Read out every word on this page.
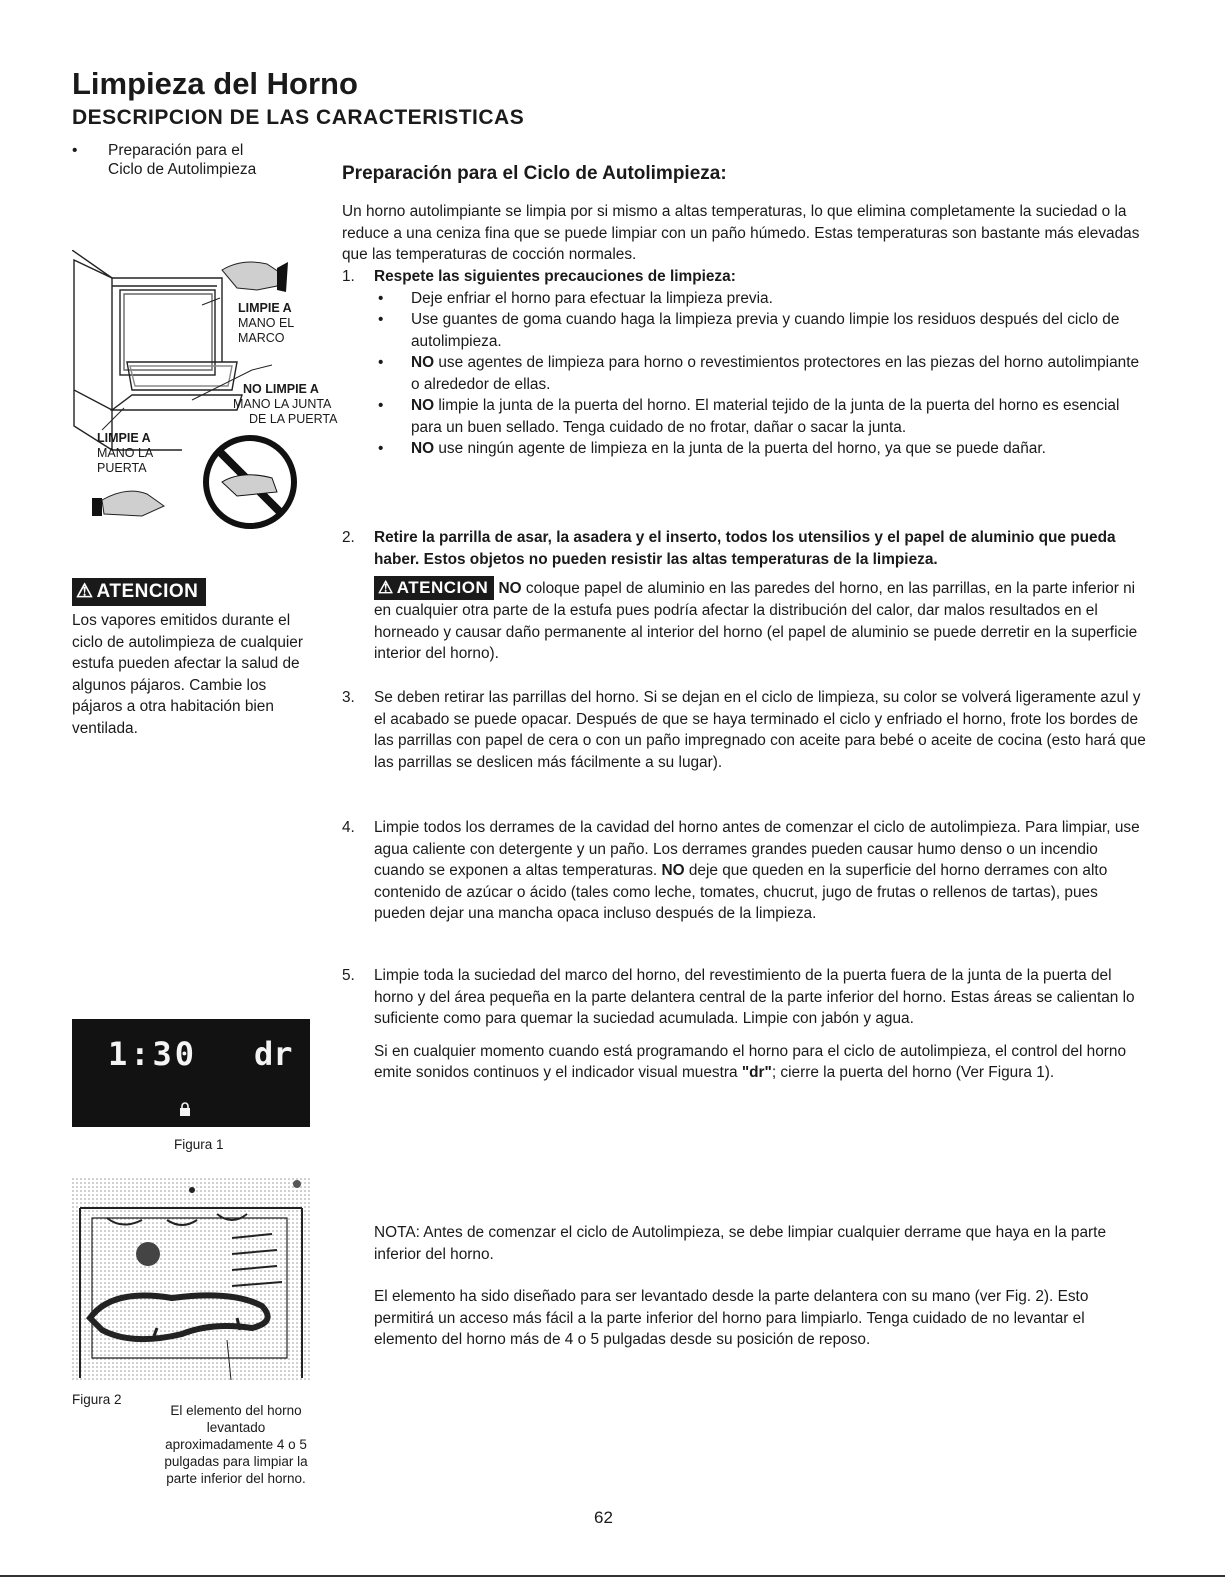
Limpieza del Horno
DESCRIPCION DE LAS CARACTERISTICAS
• Preparación para el
Ciclo de Autolimpieza
LIMPIE A
MANO EL
MARCO
NO LIMPIE A
MANO LA JUNTA
DE LA PUERTA
LIMPIE A
MANO LA
PUERTA
⚠ ATENCION

Los vapores emitidos durante el ciclo de autolimpieza de cualquier estufa pueden afectar la salud de algunos pájaros. Cambie los pájaros a otra habitación bien ventilada.

1:30 dr
Figura 1
Figura 2
El elemento del horno
levantado
aproximadamente 4 o 5
pulgadas para limpiar la
parte inferior del horno.
Preparación para el Ciclo de Autolimpieza:

Un horno autolimpiante se limpia por si mismo a altas temperaturas, lo que elimina completamente la suciedad o la reduce a una ceniza fina que se puede limpiar con un paño húmedo. Estas temperaturas son bastante más elevadas que las temperaturas de cocción normales.

1.	Respete las siguientes precauciones de limpieza:

• Deje enfriar el horno para efectuar la limpieza previa.
• Use guantes de goma cuando haga la limpieza previa y cuando limpie los residuos después del ciclo de autolimpieza.
• NO use agentes de limpieza para horno o revestimientos protectores en las piezas del horno autolimpiante o alrededor de ellas.
• NO limpie la junta de la puerta del horno. El material tejido de la junta de la puerta del horno es esencial para un buen sellado. Tenga cuidado de no frotar, dañar o sacar la junta.
• NO use ningún agente de limpieza en la junta de la puerta del horno, ya que se puede dañar.
2.	Retire la parrilla de asar, la asadera y el inserto, todos los utensilios y el papel de aluminio que pueda haber. Estos objetos no pueden resistir las altas temperaturas de la limpieza.

⚠ ATENCION NO coloque papel de aluminio en las paredes del horno, en las parrillas, en la parte inferior ni en cualquier otra parte de la estufa pues podría afectar la distribución del calor, dar malos resultados en el horneado y causar daño permanente al interior del horno (el papel de aluminio se puede derretir en la superficie interior del horno).

3.	Se deben retirar las parrillas del horno. Si se dejan en el ciclo de limpieza, su color se volverá ligeramente azul y el acabado se puede opacar. Después de que se haya terminado el ciclo y enfriado el horno, frote los bordes de las parrillas con papel de cera o con un paño impregnado con aceite para bebé o aceite de cocina (esto hará que las parrillas se deslicen más fácilmente a su lugar).

4.	Limpie todos los derrames de la cavidad del horno antes de comenzar el ciclo de autolimpieza. Para limpiar, use agua caliente con detergente y un paño. Los derrames grandes pueden causar humo denso o un incendio cuando se exponen a altas temperaturas. NO deje que queden en la superficie del horno derrames con alto contenido de azúcar o ácido (tales como leche, tomates, chucrut, jugo de frutas o rellenos de tartas), pues pueden dejar una mancha opaca incluso después de la limpieza.

5.	Limpie toda la suciedad del marco del horno, del revestimiento de la puerta fuera de la junta de la puerta del horno y del área pequeña en la parte delantera central de la parte inferior del horno. Estas áreas se calientan lo suficiente como para quemar la suciedad acumulada. Limpie con jabón y agua.

Si en cualquier momento cuando está programando el horno para el ciclo de autolimpieza, el control del horno emite sonidos continuos y el indicador visual muestra "dr"; cierre la puerta del horno (Ver Figura 1).

NOTA: Antes de comenzar el ciclo de Autolimpieza, se debe limpiar cualquier derrame que haya en la parte inferior del horno.

El elemento ha sido diseñado para ser levantado desde la parte delantera con su mano (ver Fig. 2). Esto permitirá un acceso más fácil a la parte inferior del horno para limpiarlo. Tenga cuidado de no levantar el elemento del horno más de 4 o 5 pulgadas desde su posición de reposo.

62
